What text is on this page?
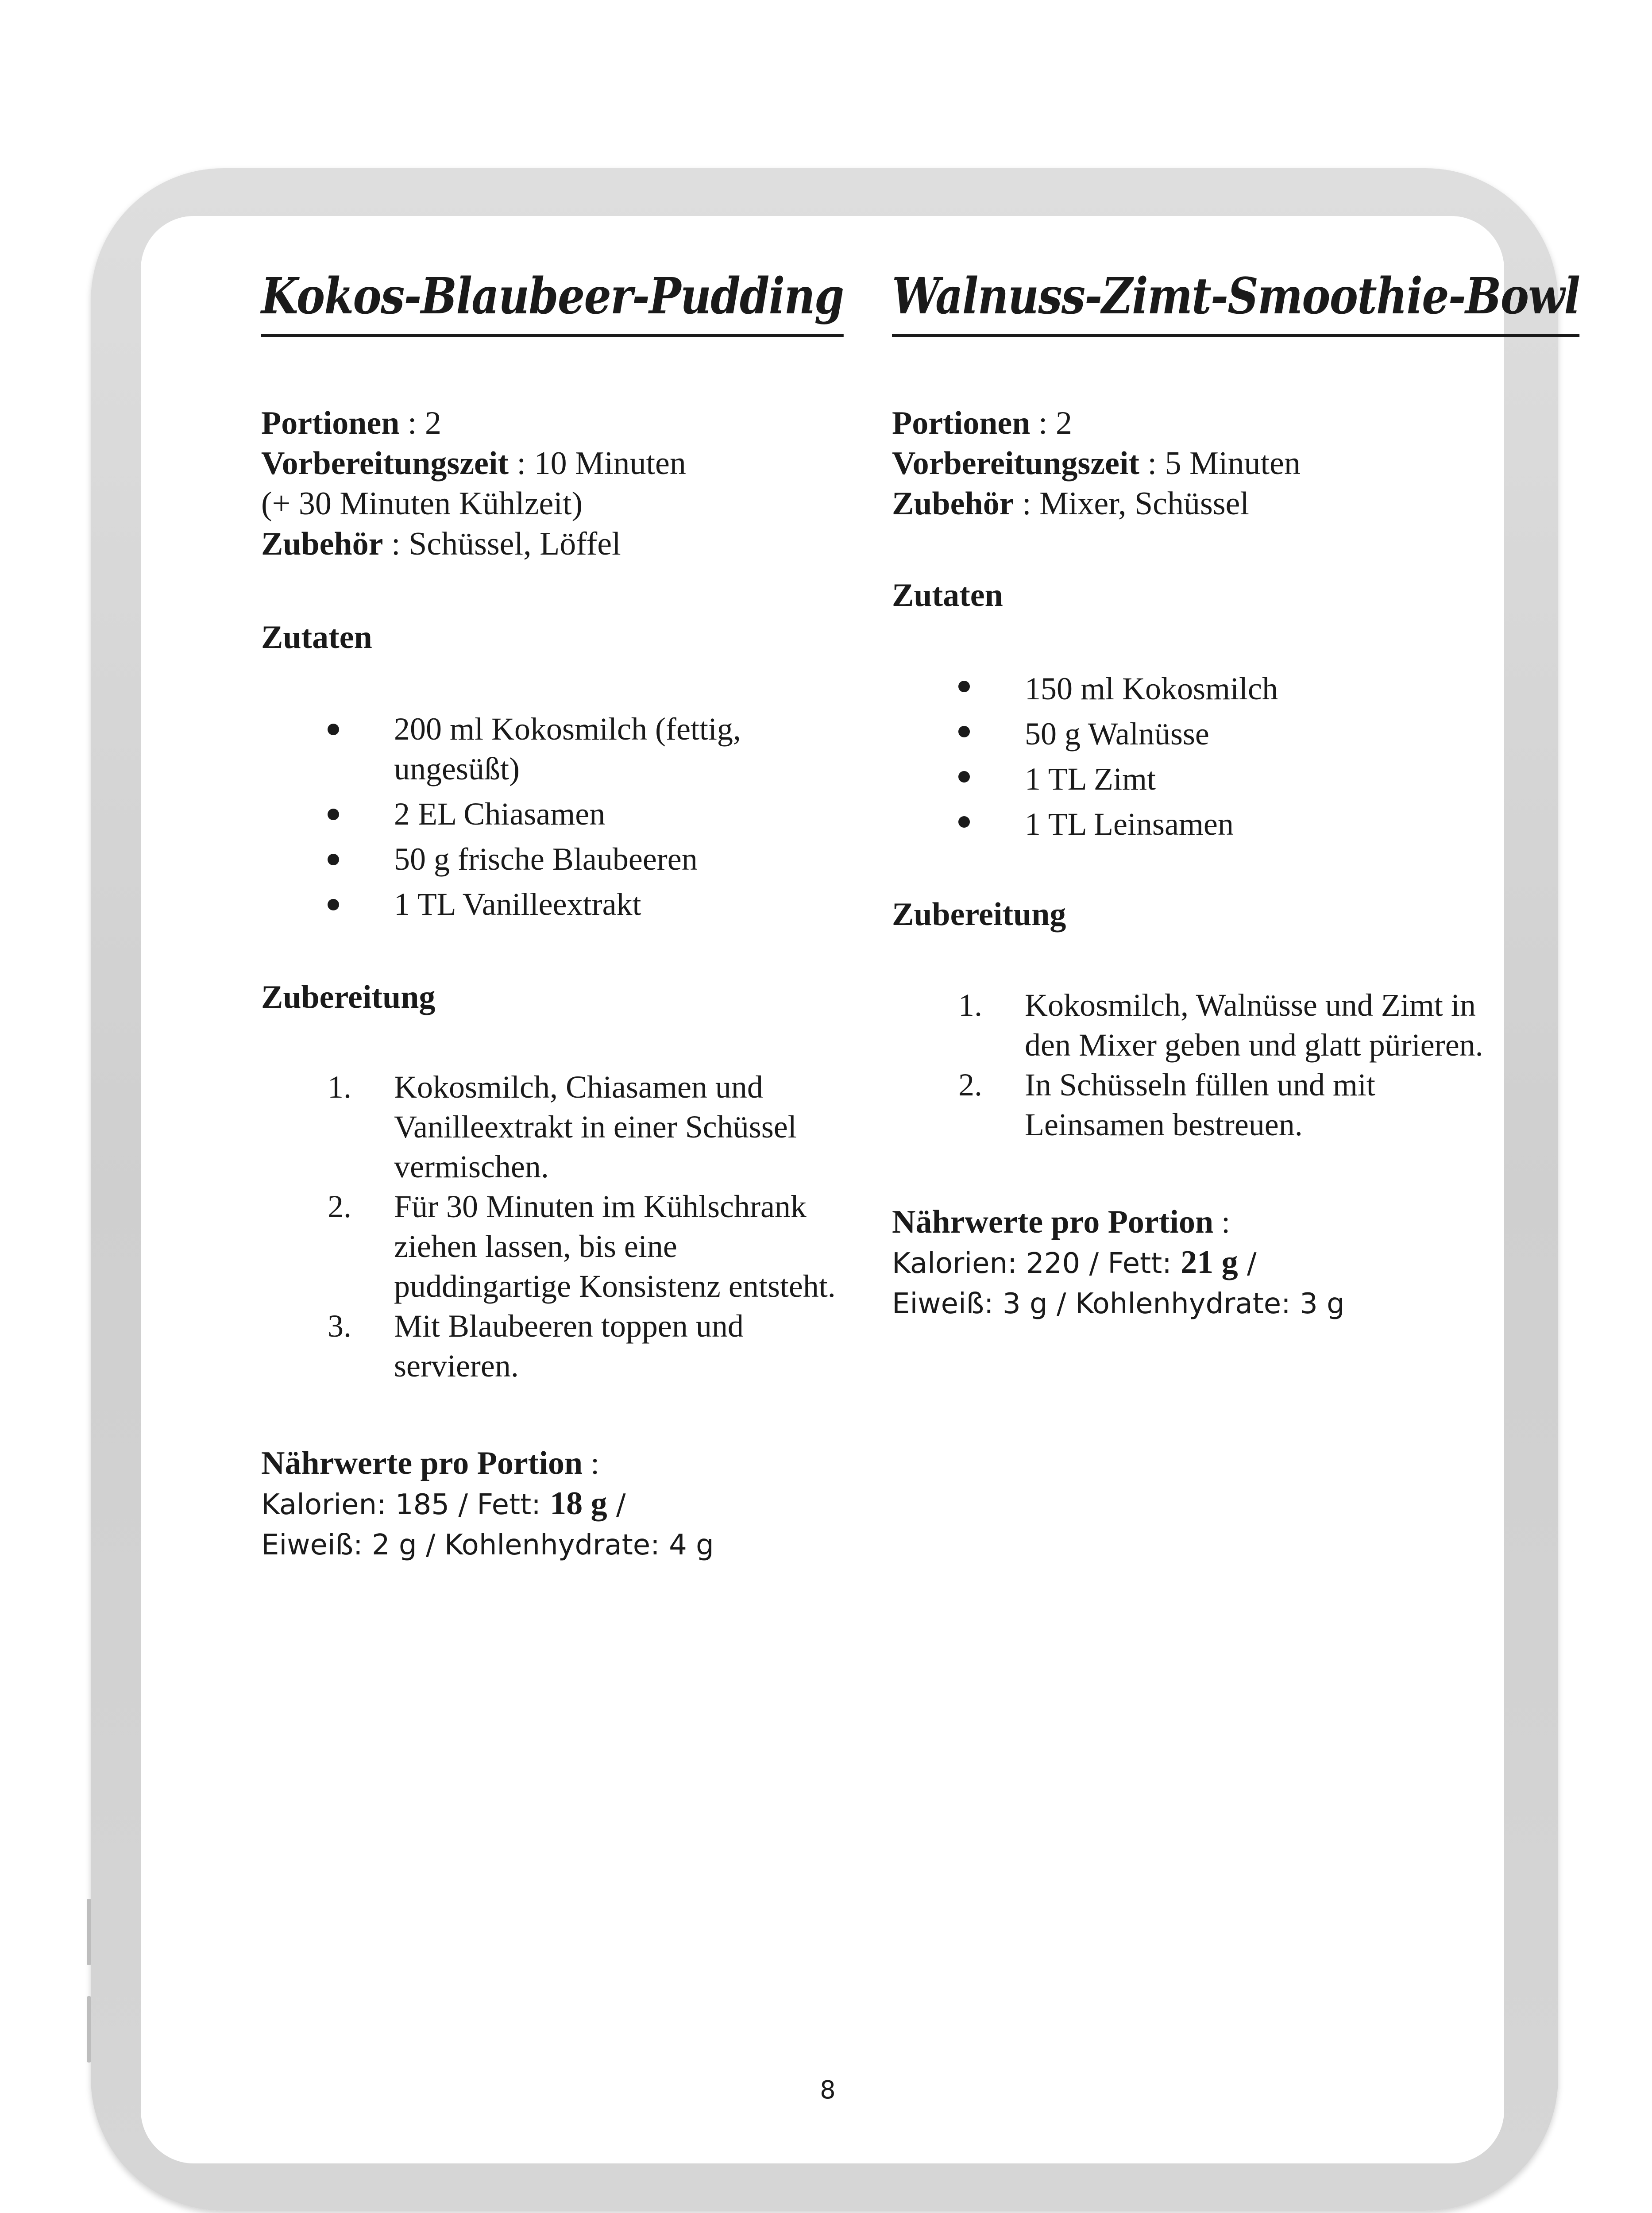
Kokos-Blaubeer-Pudding
Portionen : 2
Vorbereitungszeit : 10 Minuten
(+ 30 Minuten Kühlzeit)
Zubehör : Schüssel, Löffel
Zutaten
200 ml Kokosmilch (fettig, ungesüßt)
2 EL Chiasamen
50 g frische Blaubeeren
1 TL Vanilleextrakt
Zubereitung
1. Kokosmilch, Chiasamen und Vanilleextrakt in einer Schüssel vermischen.
2. Für 30 Minuten im Kühlschrank ziehen lassen, bis eine puddingartige Konsistenz entsteht.
3. Mit Blaubeeren toppen und servieren.
Nährwerte pro Portion :
Kalorien: 185 / Fett: 18 g /
Eiweiß: 2 g / Kohlenhydrate: 4 g
Walnuss-Zimt-Smoothie-Bowl
Portionen : 2
Vorbereitungszeit : 5 Minuten
Zubehör : Mixer, Schüssel
Zutaten
150 ml Kokosmilch
50 g Walnüsse
1 TL Zimt
1 TL Leinsamen
Zubereitung
1. Kokosmilch, Walnüsse und Zimt in den Mixer geben und glatt pürieren.
2. In Schüsseln füllen und mit Leinsamen bestreuen.
Nährwerte pro Portion :
Kalorien: 220 / Fett: 21 g /
Eiweiß: 3 g / Kohlenhydrate: 3 g
8
